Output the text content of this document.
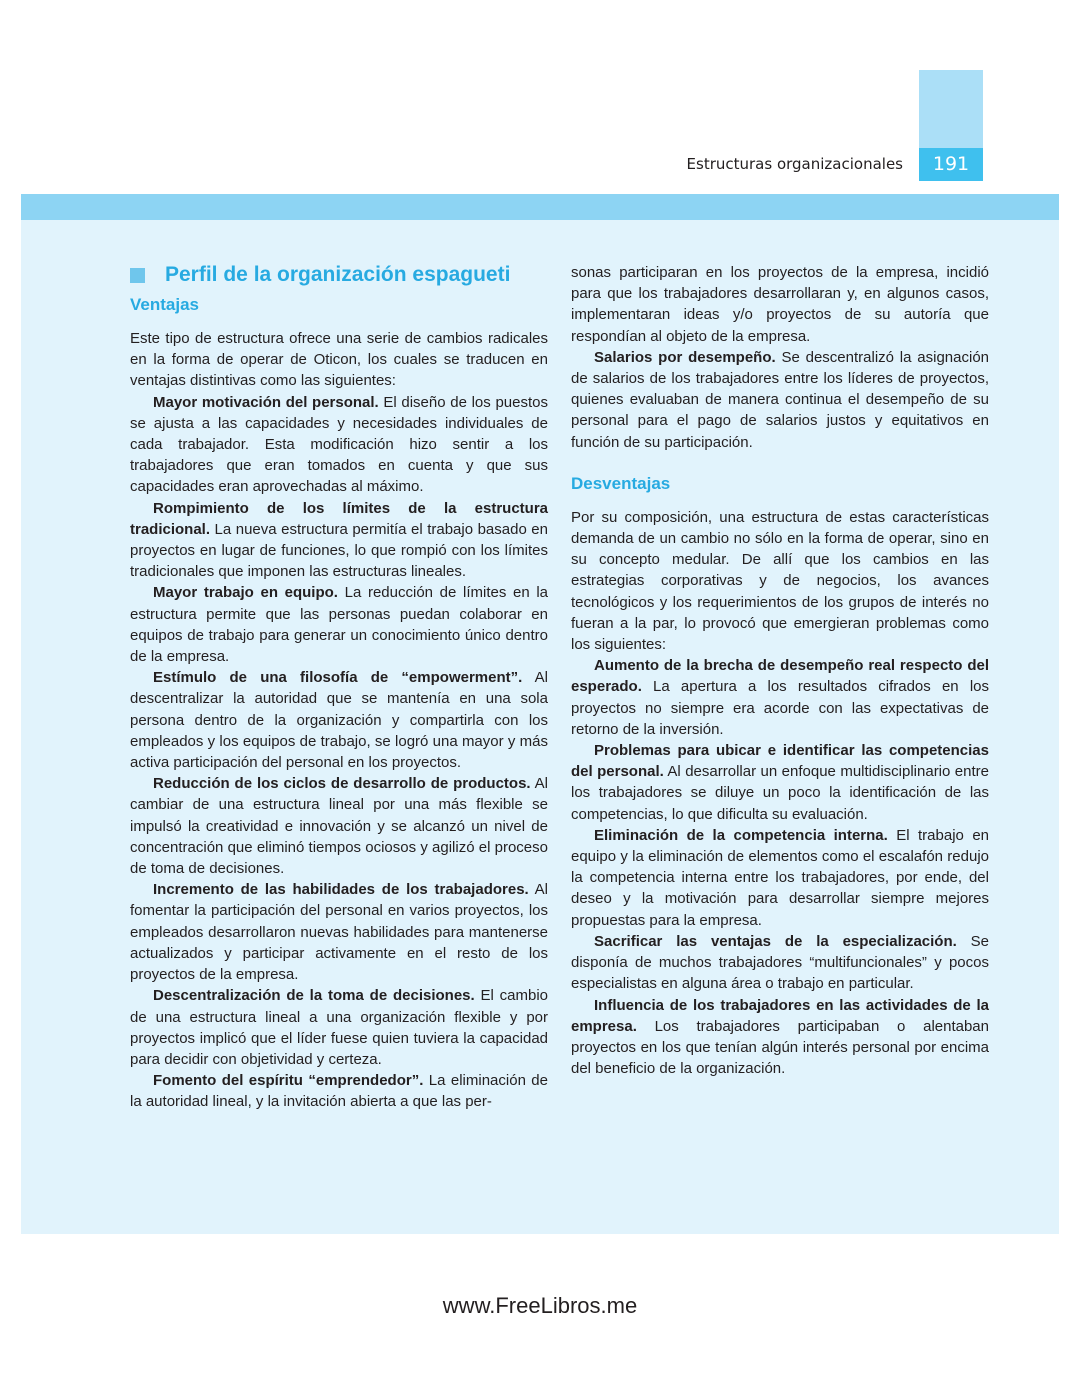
Estructuras organizacionales	191
Perfil de la organización espagueti
Ventajas

Este tipo de estructura ofrece una serie de cambios radicales en la forma de operar de Oticon, los cuales se traducen en ventajas distintivas como las siguientes:

Mayor motivación del personal. El diseño de los puestos se ajusta a las capacidades y necesidades individuales de cada trabajador. Esta modificación hizo sentir a los trabajadores que eran tomados en cuenta y que sus capacidades eran aprovechadas al máximo.

Rompimiento de los límites de la estructura tradicional. La nueva estructura permitía el trabajo basado en proyectos en lugar de funciones, lo que rompió con los límites tradicionales que imponen las estructuras lineales.

Mayor trabajo en equipo. La reducción de límites en la estructura permite que las personas puedan colaborar en equipos de trabajo para generar un conocimiento único dentro de la empresa.

Estímulo de una filosofía de “empowerment”. Al descentralizar la autoridad que se mantenía en una sola persona dentro de la organización y compartirla con los empleados y los equipos de trabajo, se logró una mayor y más activa participación del personal en los proyectos.

Reducción de los ciclos de desarrollo de productos. Al cambiar de una estructura lineal por una más flexible se impulsó la creatividad e innovación y se alcanzó un nivel de concentración que eliminó tiempos ociosos y agilizó el proceso de toma de decisiones.

Incremento de las habilidades de los trabajadores. Al fomentar la participación del personal en varios proyectos, los empleados desarrollaron nuevas habilidades para mantenerse actualizados y participar activamente en el resto de los proyectos de la empresa.

Descentralización de la toma de decisiones. El cambio de una estructura lineal a una organización flexible y por proyectos implicó que el líder fuese quien tuviera la capacidad para decidir con objetividad y certeza.

Fomento del espíritu “emprendedor”. La eliminación de la autoridad lineal, y la invitación abierta a que las per-

sonas participaran en los proyectos de la empresa, incidió para que los trabajadores desarrollaran y, en algunos casos, implementaran ideas y/o proyectos de su autoría que respondían al objeto de la empresa.

Salarios por desempeño. Se descentralizó la asignación de salarios de los trabajadores entre los líderes de proyectos, quienes evaluaban de manera continua el desempeño de su personal para el pago de salarios justos y equitativos en función de su participación.

Desventajas

Por su composición, una estructura de estas características demanda de un cambio no sólo en la forma de operar, sino en su concepto medular. De allí que los cambios en las estrategias corporativas y de negocios, los avances tecnológicos y los requerimientos de los grupos de interés no fueran a la par, lo provocó que emergieran problemas como los siguientes:

Aumento de la brecha de desempeño real respecto del esperado. La apertura a los resultados cifrados en los proyectos no siempre era acorde con las expectativas de retorno de la inversión.

Problemas para ubicar e identificar las competencias del personal. Al desarrollar un enfoque multidisciplinario entre los trabajadores se diluye un poco la identificación de las competencias, lo que dificulta su evaluación.

Eliminación de la competencia interna. El trabajo en equipo y la eliminación de elementos como el escalafón redujo la competencia interna entre los trabajadores, por ende, del deseo y la motivación para desarrollar siempre mejores propuestas para la empresa.

Sacrificar las ventajas de la especialización. Se disponía de muchos trabajadores “multifuncionales” y pocos especialistas en alguna área o trabajo en particular.

Influencia de los trabajadores en las actividades de la empresa. Los trabajadores participaban o alentaban proyectos en los que tenían algún interés personal por encima del beneficio de la organización.

www.FreeLibros.me
